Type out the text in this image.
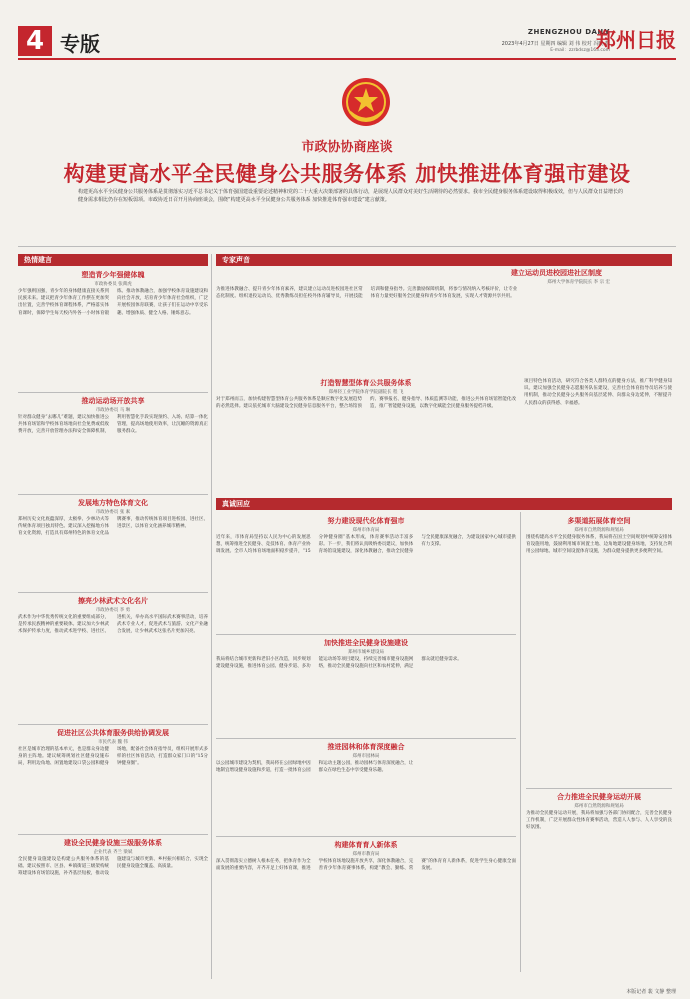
4 专版	ZHENGZHOU DAILY
2023年4月27日 星期四 编辑 刘 伟 校对 冯晓 辉
E-mail：zzrbdsz@163.com
郑州日报
市政协协商座谈
构建更高水平全民健身公共服务体系 加快推进体育强市建设
构建更高水平全民健身公共服务体系是贯彻落实习近平总书记关于体育强国建设重要论述精神和党的二十大重大决策部署的具体行动，是展现人民群众对美好生活期待的必然要求。我市全民健身服务体系建设取得积极成效，但与人民群众日益增长的健身需求相比仍存在短板弱项。市政协近日召开月协商座谈会，围绕“构建更高水平全民健身公共服务体系 加快推进体育强市建设”建言献策。
热情建言
塑造青少年强健体魄
市政协委员 张萬虎
少年强则国强，青少年的身体健康直接关系到民族未来。建议把青少年体育工作摆在更加突出位置，完善学校体育课程体系，严格落实体育课时，保障学生每天校内外各一小时体育锻炼。推动体教融合，加强学校体育设施建设和向社会开放，培育青少年体育社会组织，广泛开展校园体育联赛，让孩子们在运动中享受乐趣、增强体质、健全人格、锤炼意志。
推动运动场开放共享
市政协委员 马 琳
针对群众健身“去哪儿”难题，建议加快推进公共体育场馆和学校体育场地向社会免费或低收费开放，完善开放管理办法和安全保障机制，利用智慧化手段实现预约、入场、结算一体化管理，提高场地使用效率，让沉睡的资源真正服务群众。
发展地方特色体育文化
市政协委员 张 素
郑州历史文化底蕴深厚，太极拳、少林功夫等传统体育项目独具特色。建议深入挖掘地方体育文化资源，打造具有郑州特色的体育文化品牌赛事，推动传统体育项目进校园、进社区、进景区，以体育文化涵养城市精神。
擦亮少林武术文化名片
市政协委员 李 勇
武术作为中华优秀传统文化的重要组成部分，是传承民族精神的重要载体。建议加大少林武术保护传承力度，推动武术进学校、进社区、进机关，举办高水平国际武术赛事活动，培养武术专业人才，促进武术与旅游、文化产业融合发展，让少林武术这张名片更加闪亮。
促进社区公共体育服务供给协调发展
市民代表 魏 伟
社区是城市治理的基本单元，也是群众身边健身的主阵地。建议统筹规划社区健身设施布局，利用边角地、闲置地建设口袋公园和健身场地，配备社会体育指导员，组织开展形式多样的社区体育活动，打造群众家门口的“15分钟健身圈”。
建设全民健身设施三级服务体系
企业代表 齐兰 梁斌
全民健身设施建设是构建公共服务体系的基础。建议按照市、区县、乡镇街道三级架构统筹建设体育场馆设施，补齐基层短板，推动设施建设与城市更新、乡村振兴相结合，实现全民健身设施全覆盖、高质量。
专家声音
建立运动员进校园进社区制度
郑州大学体育学院院长 李 宗 宏
为推进体教融合、提升青少年体育素养，建议建立运动员进校园进社区常态化制度。组织退役运动员、优秀教练员担任校外体育辅导员，开展技能培训和健身指导。完善激励保障机制，将参与情况纳入考核评价，让专业体育力量更好服务全民健身和青少年体育发展，实现人才资源共享共用。
打造智慧型体育公共服务体系
郑州轻工业学院体育学院副院长 程 飞
对于郑州而言，加快构建智慧型体育公共服务体系是顺应数字化发展趋势的必然选择。建议依托城市大脑建设全民健身信息服务平台，整合场馆预约、赛事报名、健身指导、体质监测等功能，推进公共体育场馆智能化改造，推广智能健身设施，以数字化赋能全民健身服务提档升级。
项目特色体育活动，研究符合各类人群特点的健身方法，推广科学健身知识。建议加强全民健身志愿服务队伍建设，完善社会体育指导员培养与使用机制，推动全民健身公共服务向基层延伸、向群众身边延伸，不断提升人民群众的获得感、幸福感。
真诚回应
努力建设现代化体育强市
郑州市体育局
近年来，市体育局坚持以人民为中心的发展思想，统筹推进全民健身、竞技体育、体育产业协调发展。全市人均体育场地面积稳步提升，“15分钟健身圈”基本形成，体育赛事活动丰富多彩。下一步，我们将认真吸纳委员建议，加快体育场馆设施建设，深化体教融合，推动全民健身与全民健康深度融合，为建设国家中心城市提供有力支撑。
多渠道拓展体育空间
郑州市自然资源和规划局
围绕构建高水平全民健身服务体系，我局将在国土空间规划中统筹安排体育设施用地，鼓励利用城市闲置土地、边角地建设健身场地，支持复合利用公园绿地、城市空间设置体育设施，为群众健身提供更多便利空间。
加快推进全民健身设施建设
郑州市城乡建设局
我局将结合城市更新和老旧小区改造，同步规划建设健身设施，推进体育公园、健身步道、多功能运动场等项目建设，持续完善城市健身设施网络，推动全民健身设施向社区和农村延伸，满足群众就近健身需求。
合力推进全民健身运动开展
郑州市自然资源和规划局
为推动全民健身运动开展，我局将加强与各部门协同配合，完善全民健身工作机制，广泛开展群众性体育赛事活动，营造人人参与、人人享受的良好氛围。
推进园林和体育深度融合
郑州市园林局
以公园城市建设为契机，我局将在公园绿地中因地制宜增设健身设施和步道，打造一批体育公园和运动主题公园，推动园林与体育深度融合，让群众在绿色生态中享受健身乐趣。
构建体育育人新体系
郑州市教育局
深入贯彻落实立德树人根本任务，把体育作为全面发展的重要内容，开齐开足上好体育课，推进学校体育场地设施开放共享，深化体教融合，完善青少年体育赛事体系，构建“教会、勤练、常赛”的体育育人新体系，促进学生身心健康全面发展。
本版记者 裴 文静 整理
